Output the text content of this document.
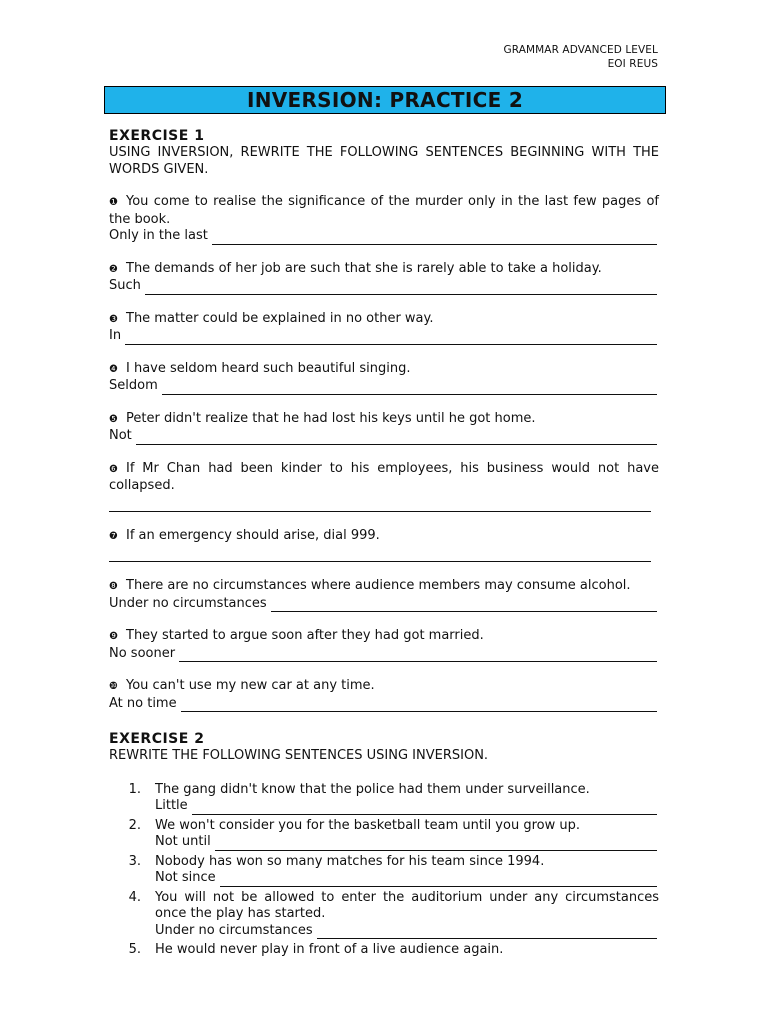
GRAMMAR ADVANCED LEVEL
EOI REUS
INVERSION: PRACTICE 2
EXERCISE 1
USING INVERSION, REWRITE THE FOLLOWING SENTENCES BEGINNING WITH THE WORDS GIVEN.
❶ You come to realise the significance of the murder only in the last few pages of the book.
Only in the last
❷ The demands of her job are such that she is rarely able to take a holiday.
Such
❸ The matter could be explained in no other way.
In
❹ I have seldom heard such beautiful singing.
Seldom
❺ Peter didn't realize that he had lost his keys until he got home.
Not
❻ If Mr Chan had been kinder to his employees, his business would not have collapsed.
❼ If an emergency should arise, dial 999.
❽ There are no circumstances where audience members may consume alcohol.
Under no circumstances
❾ They started to argue soon after they had got married.
No sooner
❿ You can't use my new car at any time.
At no time
EXERCISE 2
REWRITE THE FOLLOWING SENTENCES USING INVERSION.
1.	The gang didn't know that the police had them under surveillance.
Little
2.	We won't consider you for the basketball team until you grow up.
Not until
3.	Nobody has won so many matches for his team since 1994.
Not since
4.	You will not be allowed to enter the auditorium under any circumstances once the play has started.
Under no circumstances
5.	He would never play in front of a live audience again.
